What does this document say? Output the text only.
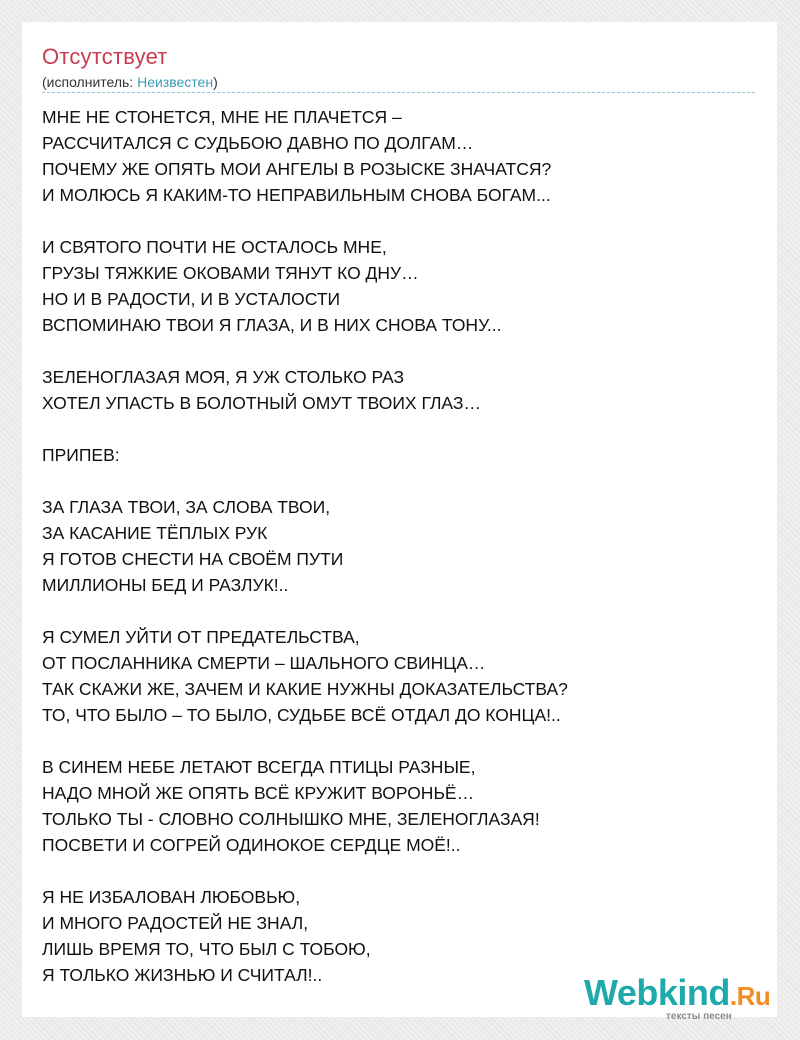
Отсутствует
(исполнитель: Неизвестен)
МНЕ НЕ СТОНЕТСЯ, МНЕ НЕ ПЛАЧЕТСЯ –
РАССЧИТАЛСЯ С СУДЬБОЮ ДАВНО ПО ДОЛГАМ…
ПОЧЕМУ ЖЕ ОПЯТЬ МОИ АНГЕЛЫ В РОЗЫСКЕ ЗНАЧАТСЯ?
И МОЛЮСЬ Я КАКИМ-ТО НЕПРАВИЛЬНЫМ СНОВА БОГАМ...
И СВЯТОГО ПОЧТИ НЕ ОСТАЛОСЬ МНЕ,
ГРУЗЫ ТЯЖКИЕ ОКОВАМИ ТЯНУТ КО ДНУ…
НО И В РАДОСТИ, И В УСТАЛОСТИ
ВСПОМИНАЮ ТВОИ Я ГЛАЗА, И В НИХ СНОВА ТОНУ...
ЗЕЛЕНОГЛАЗАЯ МОЯ, Я УЖ СТОЛЬКО РАЗ
ХОТЕЛ УПАСТЬ В БОЛОТНЫЙ ОМУТ ТВОИХ ГЛАЗ…
ПРИПЕВ:
ЗА ГЛАЗА ТВОИ, ЗА СЛОВА ТВОИ,
ЗА КАСАНИЕ ТЁПЛЫХ РУК
Я ГОТОВ СНЕСТИ НА СВОЁМ ПУТИ
МИЛЛИОНЫ БЕД И РАЗЛУК!..
Я СУМЕЛ УЙТИ ОТ ПРЕДАТЕЛЬСТВА,
ОТ ПОСЛАННИКА СМЕРТИ – ШАЛЬНОГО СВИНЦА…
ТАК СКАЖИ ЖЕ, ЗАЧЕМ И КАКИЕ НУЖНЫ ДОКАЗАТЕЛЬСТВА?
ТО, ЧТО БЫЛО – ТО БЫЛО, СУДЬБЕ ВСЁ ОТДАЛ ДО КОНЦА!..
В СИНЕМ НЕБЕ ЛЕТАЮТ ВСЕГДА ПТИЦЫ РАЗНЫЕ,
НАДО МНОЙ ЖЕ ОПЯТЬ ВСЁ КРУЖИТ ВОРОНЬЁ…
ТОЛЬКО ТЫ - СЛОВНО СОЛНЫШКО МНЕ, ЗЕЛЕНОГЛАЗАЯ!
ПОСВЕТИ И СОГРЕЙ ОДИНОКОЕ СЕРДЦЕ МОЁ!..
Я НЕ ИЗБАЛОВАН ЛЮБОВЬЮ,
И МНОГО РАДОСТЕЙ НЕ ЗНАЛ,
ЛИШЬ ВРЕМЯ ТО, ЧТО БЫЛ С ТОБОЮ,
Я ТОЛЬКО ЖИЗНЬЮ И СЧИТАЛ!..	Webkind.Ru
тексты песен
